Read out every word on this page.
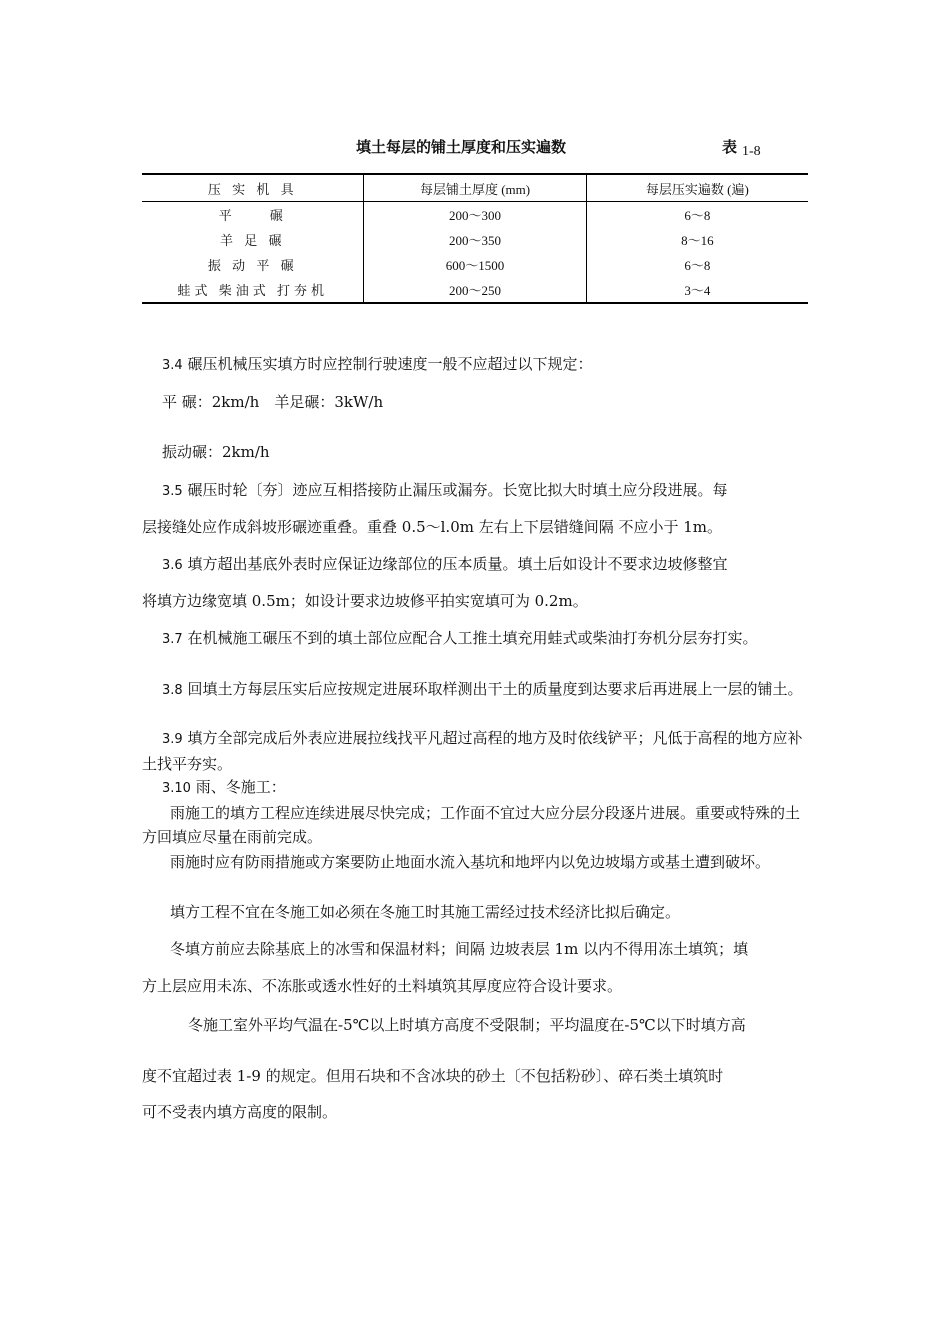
填土每层的铺土厚度和压实遍数	表 1-8
压 实 机 具	每层铺土厚度 (mm)	每层压实遍数 (遍)
平　　碾	200～300	6～8
羊 足 碾	200～350	8～16
振 动 平 碾	600～1500	6～8
蛙式 柴油式 打夯机	200～250	3～4
3.4 碾压机械压实填方时应控制行驶速度一般不应超过以下规定：
平 碾：2km/h　羊足碾：3kW/h
振动碾：2km/h
3.5 碾压时轮〔夯〕迹应互相搭接防止漏压或漏夯。长宽比拟大时填土应分段进展。每
层接缝处应作成斜坡形碾迹重叠。重叠 0.5～l.0m 左右上下层错缝间隔 不应小于 1m。
3.6 填方超出基底外表时应保证边缘部位的压本质量。填土后如设计不要求边坡修整宜
将填方边缘宽填 0.5m；如设计要求边坡修平拍实宽填可为 0.2m。
3.7 在机械施工碾压不到的填土部位应配合人工推土填充用蛙式或柴油打夯机分层夯打实。
3.8 回填土方每层压实后应按规定进展环取样测出干土的质量度到达要求后再进展上一层的铺土。
3.9 填方全部完成后外表应进展拉线找平凡超过高程的地方及时依线铲平；凡低于高程的地方应补土找平夯实。
3.10 雨、冬施工：
雨施工的填方工程应连续进展尽快完成；工作面不宜过大应分层分段逐片进展。重要或特殊的土方回填应尽量在雨前完成。
雨施时应有防雨措施或方案要防止地面水流入基坑和地坪内以免边坡塌方或基土遭到破坏。
填方工程不宜在冬施工如必须在冬施工时其施工需经过技术经济比拟后确定。
冬填方前应去除基底上的冰雪和保温材料；间隔 边坡表层 1m 以内不得用冻土填筑；填
方上层应用未冻、不冻胀或透水性好的土料填筑其厚度应符合设计要求。
冬施工室外平均气温在-5℃以上时填方高度不受限制；平均温度在-5℃以下时填方高
度不宜超过表 1-9 的规定。但用石块和不含冰块的砂土〔不包括粉砂〕、碎石类土填筑时
可不受表内填方高度的限制。
